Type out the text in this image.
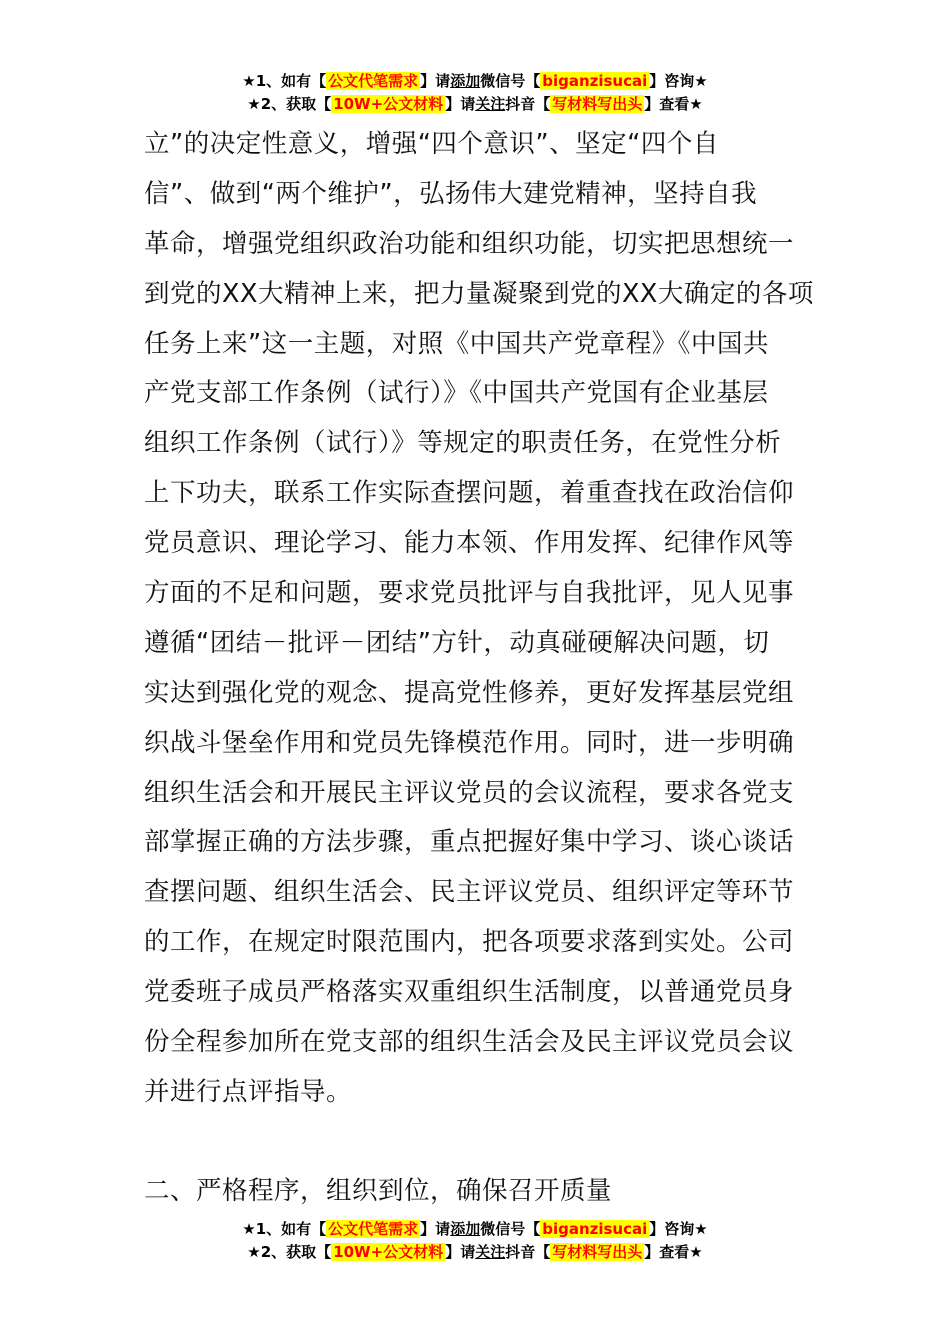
★1、如有【 公文代笔需求 】请添加微信号【 biganzisucai 】咨询★
★2、获取【 10W+公文材料 】请关注抖音【 写材料写出头 】查看★
立”的决定性意义，增强“四个意识”、坚定“四个自
信”、做到“两个维护”，弘扬伟大建党精神，坚持自我
革命，增强党组织政治功能和组织功能，切实把思想统一
到党的XX大精神上来，把力量凝聚到党的XX大确定的各项
任务上来”这一主题，对照《中国共产党章程》《中国共
产党支部工作条例（试行）》《中国共产党国有企业基层
组织工作条例（试行）》等规定的职责任务，在党性分析
上下功夫，联系工作实际查摆问题，着重查找在政治信仰
党员意识、理论学习、能力本领、作用发挥、纪律作风等
方面的不足和问题，要求党员批评与自我批评，见人见事
遵循“团结－批评－团结”方针，动真碰硬解决问题，切
实达到强化党的观念、提高党性修养，更好发挥基层党组
织战斗堡垒作用和党员先锋模范作用。同时，进一步明确
组织生活会和开展民主评议党员的会议流程，要求各党支
部掌握正确的方法步骤，重点把握好集中学习、谈心谈话
查摆问题、组织生活会、民主评议党员、组织评定等环节
的工作，在规定时限范围内，把各项要求落到实处。公司
党委班子成员严格落实双重组织生活制度，以普通党员身
份全程参加所在党支部的组织生活会及民主评议党员会议
并进行点评指导。
二、严格程序，组织到位，确保召开质量
★1、如有【 公文代笔需求 】请添加微信号【 biganzisucai 】咨询★
★2、获取【 10W+公文材料 】请关注抖音【 写材料写出头 】查看★
